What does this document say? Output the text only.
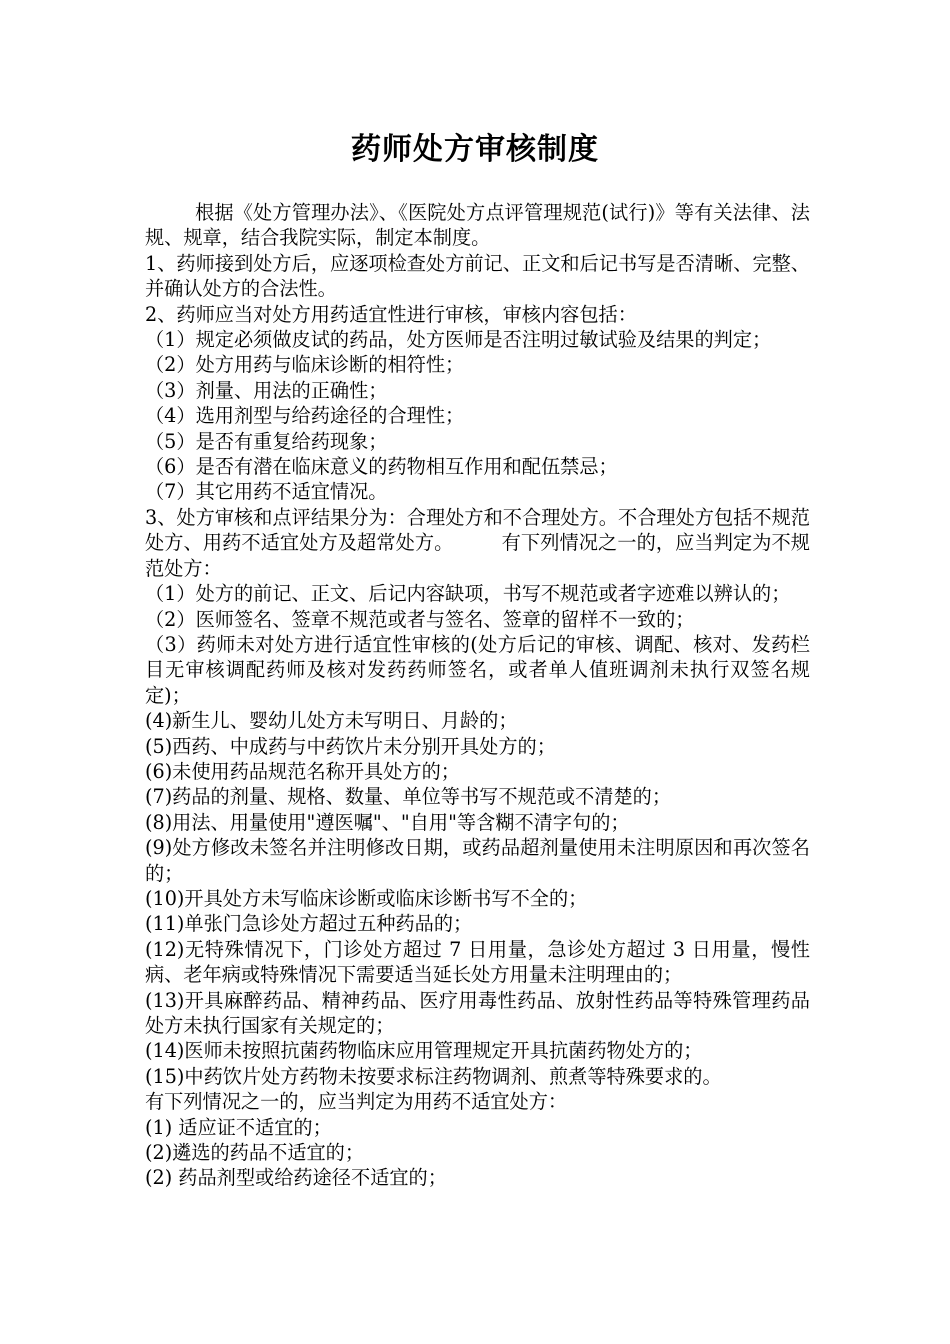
药师处方审核制度

根据《处方管理办法》、《医院处方点评管理规范(试行)》等有关法律、法规、规章，结合我院实际，制定本制度。

1、药师接到处方后，应逐项检查处方前记、正文和后记书写是否清晰、完整、并确认处方的合法性。

2、药师应当对处方用药适宜性进行审核，审核内容包括：

（1）规定必须做皮试的药品，处方医师是否注明过敏试验及结果的判定；

（2）处方用药与临床诊断的相符性；

（3）剂量、用法的正确性；

（4）选用剂型与给药途径的合理性；

（5）是否有重复给药现象；

（6）是否有潜在临床意义的药物相互作用和配伍禁忌；

（7）其它用药不适宜情况。

3、处方审核和点评结果分为：合理处方和不合理处方。不合理处方包括不规范处方、用药不适宜处方及超常处方。　　　有下列情况之一的，应当判定为不规范处方：

（1）处方的前记、正文、后记内容缺项，书写不规范或者字迹难以辨认的；

（2）医师签名、签章不规范或者与签名、签章的留样不一致的；

（3）药师未对处方进行适宜性审核的(处方后记的审核、调配、核对、发药栏目无审核调配药师及核对发药药师签名，或者单人值班调剂未执行双签名规定)；

(4)新生儿、婴幼儿处方未写明日、月龄的；

(5)西药、中成药与中药饮片未分别开具处方的；

(6)未使用药品规范名称开具处方的；

(7)药品的剂量、规格、数量、单位等书写不规范或不清楚的；

(8)用法、用量使用"遵医嘱"、"自用"等含糊不清字句的；

(9)处方修改未签名并注明修改日期，或药品超剂量使用未注明原因和再次签名的；

(10)开具处方未写临床诊断或临床诊断书写不全的；

(11)单张门急诊处方超过五种药品的；

(12)无特殊情况下，门诊处方超过 7 日用量，急诊处方超过 3 日用量，慢性病、老年病或特殊情况下需要适当延长处方用量未注明理由的；

(13)开具麻醉药品、精神药品、医疗用毒性药品、放射性药品等特殊管理药品处方未执行国家有关规定的；

(14)医师未按照抗菌药物临床应用管理规定开具抗菌药物处方的；

(15)中药饮片处方药物未按要求标注药物调剂、煎煮等特殊要求的。

有下列情况之一的，应当判定为用药不适宜处方：

(1) 适应证不适宜的；

(2)遴选的药品不适宜的；

(2) 药品剂型或给药途径不适宜的；
